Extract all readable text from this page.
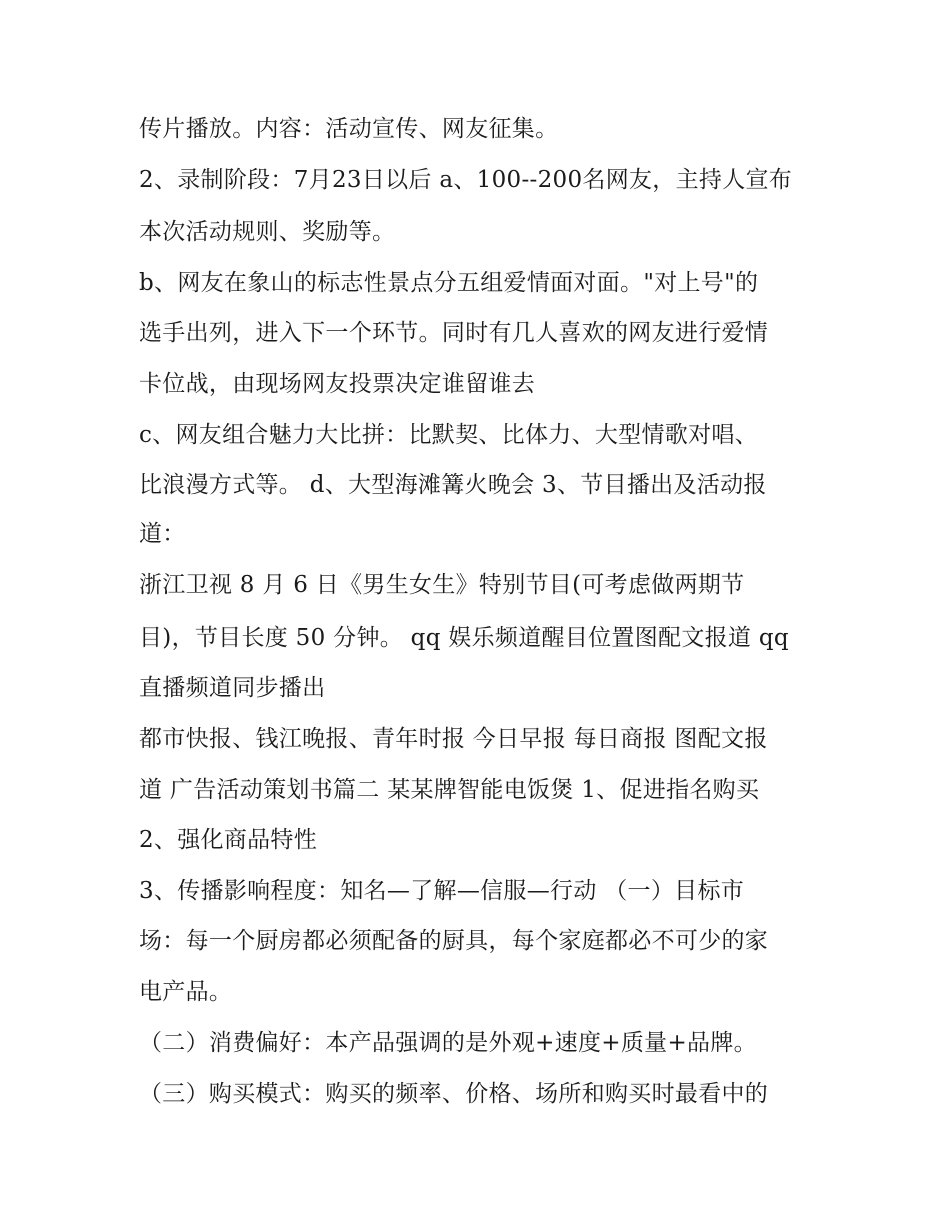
传片播放。内容：活动宣传、网友征集。
2、录制阶段：7月23日以后 a、100--200名网友，主持人宣布
本次活动规则、奖励等。
b、网友在象山的标志性景点分五组爱情面对面。"对上号"的
选手出列，进入下一个环节。同时有几人喜欢的网友进行爱情
卡位战，由现场网友投票决定谁留谁去
c、网友组合魅力大比拼：比默契、比体力、大型情歌对唱、
比浪漫方式等。 d、大型海滩篝火晚会 3、节目播出及活动报
道：
浙江卫视 8 月 6 日《男生女生》特别节目(可考虑做两期节
目)，节目长度 50 分钟。 qq 娱乐频道醒目位置图配文报道 qq
直播频道同步播出
都市快报、钱江晚报、青年时报 今日早报 每日商报 图配文报
道 广告活动策划书篇二 某某牌智能电饭煲 1、促进指名购买
2、强化商品特性
3、传播影响程度：知名—了解—信服—行动 （一）目标市
场：每一个厨房都必须配备的厨具，每个家庭都必不可少的家
电产品。
（二）消费偏好：本产品强调的是外观+速度+质量+品牌。
（三）购买模式：购买的频率、价格、场所和购买时最看中的
